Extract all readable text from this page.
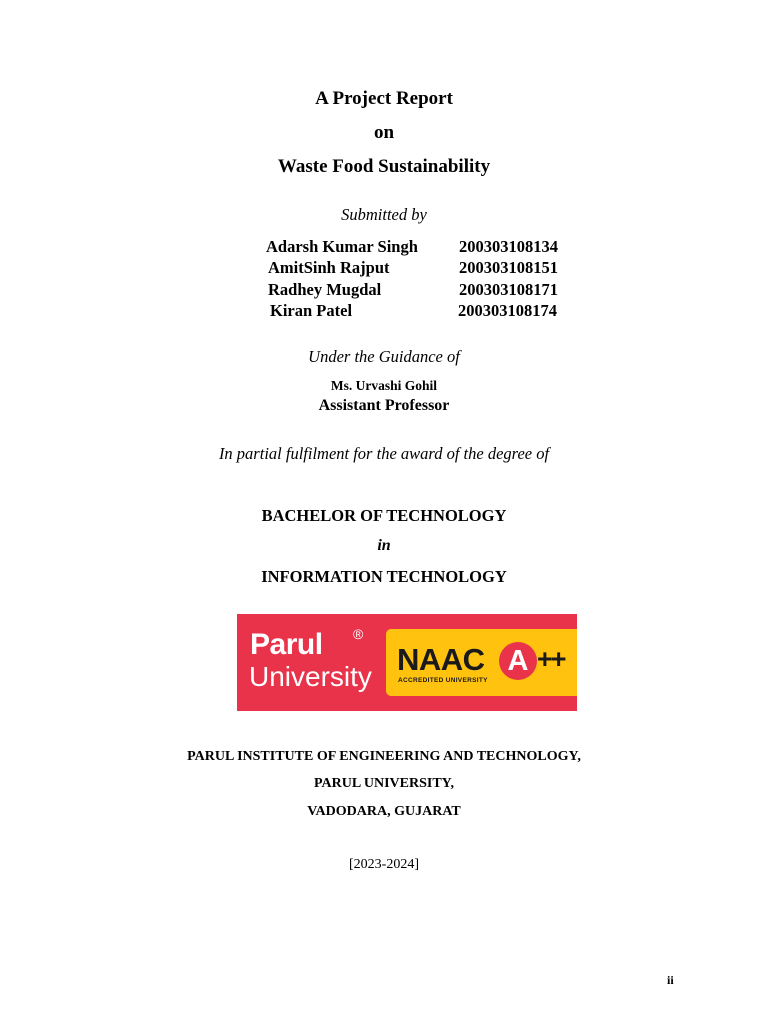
A Project Report

on

Waste Food Sustainability

Submitted by

Adarsh Kumar Singh 200303108134
AmitSinh Rajput	200303108151
Radhey Mugdal	200303108171
Kiran Patel	200303108174

Under the Guidance of

Ms. Urvashi Gohil

Assistant Professor

In partial fulfilment for the award of the degree of

BACHELOR OF TECHNOLOGY

in

INFORMATION TECHNOLOGY

Parul ®
University NAAC A ++
ACCREDITED UNIVERSITY

PARUL INSTITUTE OF ENGINEERING AND TECHNOLOGY,

PARUL UNIVERSITY,

VADODARA, GUJARAT

[2023-2024]

ii
